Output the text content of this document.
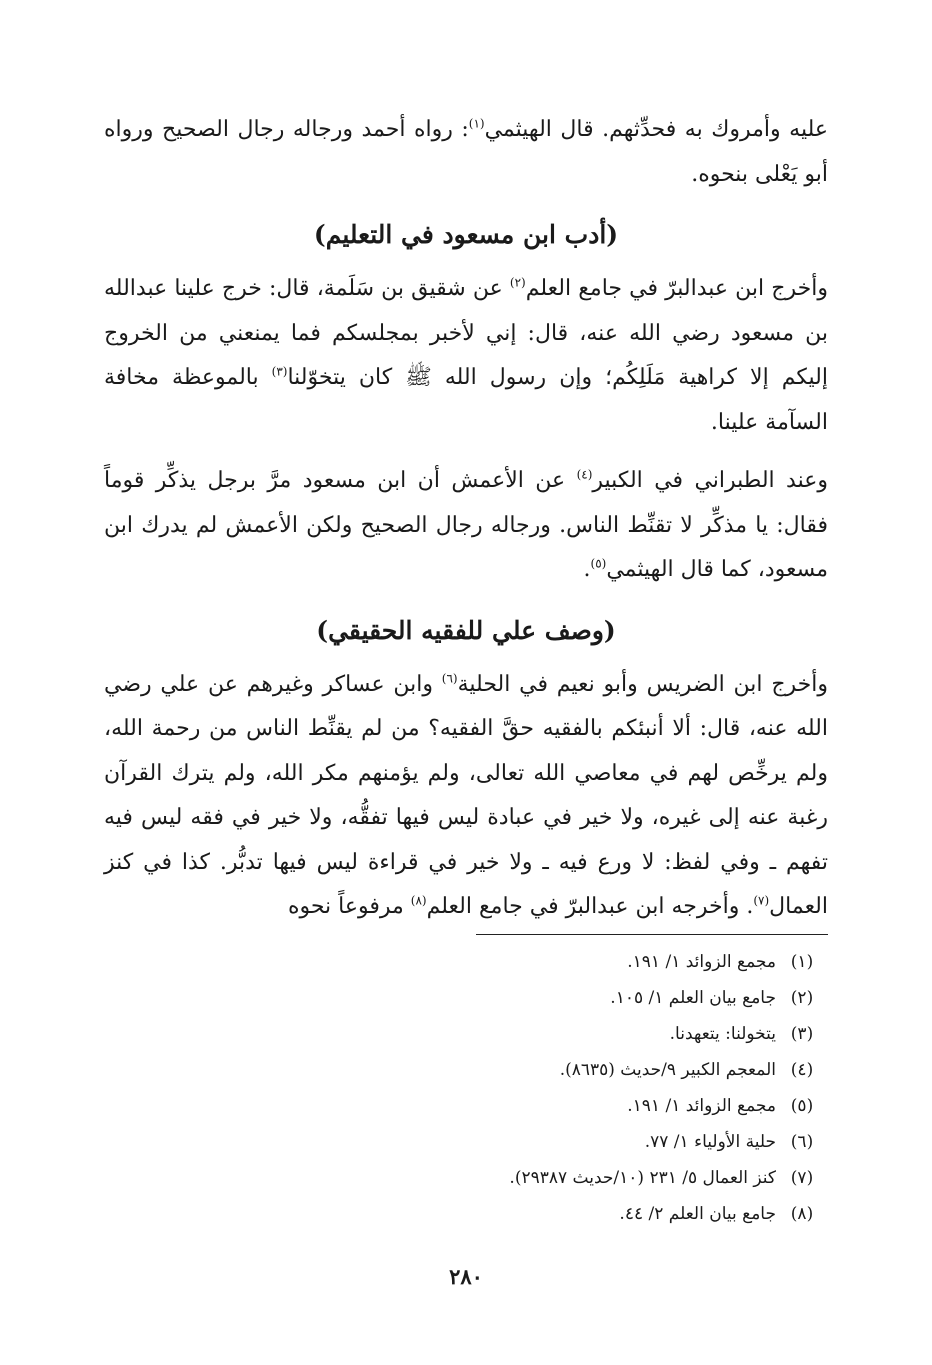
عليه وأمروك به فحدِّثهم. قال الهيثمي$^{(١)}$: رواه أحمد ورجاله رجال الصحيح ورواه أبو يَعْلى بنحوه.

(أدب ابن مسعود في التعليم)

وأخرج ابن عبدالبرّ في جامع العلم$^{(٢)}$ عن شقيق بن سَلَمة، قال: خرج علينا عبدالله بن مسعود رضي الله عنه، قال: إني لأخبر بمجلسكم فما يمنعني من الخروج إليكم إلا كراهية مَلَلِكُم؛ وإن رسول الله ﷺ كان يتخوّلنا$^{(٣)}$ بالموعظة مخافة السآمة علينا.

وعند الطبراني في الكبير$^{(٤)}$ عن الأعمش أن ابن مسعود مرَّ برجل يذكِّر قوماً فقال: يا مذكِّر لا تقنِّط الناس. ورجاله رجال الصحيح ولكن الأعمش لم يدرك ابن مسعود، كما قال الهيثمي$^{(٥)}$.

(وصف علي للفقيه الحقيقي)

وأخرج ابن الضريس وأبو نعيم في الحلية$^{(٦)}$ وابن عساكر وغيرهم عن علي رضي الله عنه، قال: ألا أنبئكم بالفقيه حقَّ الفقيه؟ من لم يقنِّط الناس من رحمة الله، ولم يرخِّص لهم في معاصي الله تعالى، ولم يؤمنهم مكر الله، ولم يترك القرآن رغبة عنه إلى غيره، ولا خير في عبادة ليس فيها تفقُّه، ولا خير في فقه ليس فيه تفهم ـ وفي لفظ: لا ورع فيه ـ ولا خير في قراءة ليس فيها تدبُّر. كذا في كنز العمال$^{(٧)}$. وأخرجه ابن عبدالبرّ في جامع العلم$^{(٨)}$ مرفوعاً نحوه

(١)مجمع الزوائد ١/ ١٩١.
(٢)جامع بيان العلم ١/ ١٠٥.
(٣)يتخولنا: يتعهدنا.
(٤)المعجم الكبير ٩/حديث (٨٦٣٥).
(٥)مجمع الزوائد ١/ ١٩١.
(٦)حلية الأولياء ١/ ٧٧.
(٧)كنز العمال ٥/ ٢٣١ (١٠/حديث ٢٩٣٨٧).
(٨)جامع بيان العلم ٢/ ٤٤.
٢٨٠
